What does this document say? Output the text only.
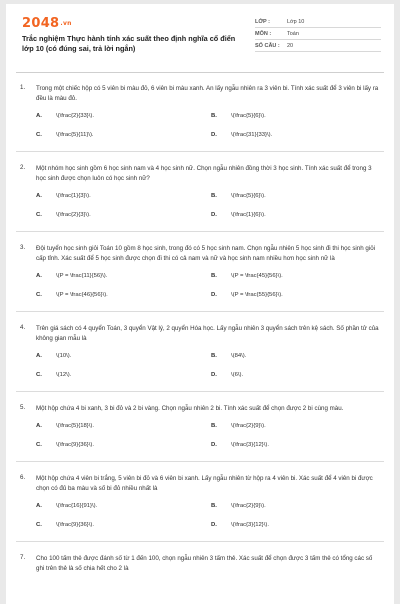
2048.vn
Trắc nghiệm Thực hành tính xác suất theo định nghĩa cổ điển lớp 10 (có đúng sai, trả lời ngắn)
LỚP :	Lớp 10
MÔN :	Toán
SỐ CÂU :	20
1. Trong một chiếc hộp có 5 viên bi màu đỏ, 6 viên bi màu xanh. An lấy ngẫu nhiên ra 3 viên bi. Tính xác suất để 3 viên bi lấy ra đều là màu đỏ.
A.	\(\frac{2}{33}\).	B.	\(\frac{5}{6}\).
C.	\(\frac{5}{11}\).	D.	\(\frac{31}{33}\).
2. Một nhóm học sinh gồm 6 học sinh nam và 4 học sinh nữ. Chọn ngẫu nhiên đồng thời 3 học sinh. Tính xác suất để trong 3 học sinh được chọn luôn có học sinh nữ?
A.	\(\frac{1}{3}\).	B.	\(\frac{5}{6}\).
C.	\(\frac{2}{3}\).	D.	\(\frac{1}{6}\).
3. Đội tuyển học sinh giỏi Toán 10 gồm 8 học sinh, trong đó có 5 học sinh nam. Chọn ngẫu nhiên 5 học sinh đi thi học sinh giỏi cấp tỉnh. Xác suất để 5 học sinh được chọn đi thi có cả nam và nữ và học sinh nam nhiều hơn học sinh nữ là
A.	\(P = \frac{11}{56}\).	B.	\(P = \frac{45}{56}\).
C.	\(P = \frac{46}{56}\).	D.	\(P = \frac{55}{56}\).
4. Trên giá sách có 4 quyển Toán, 3 quyển Vật lý, 2 quyển Hóa học. Lấy ngẫu nhiên 3 quyển sách trên kệ sách. Số phần tử của không gian mẫu là
A.	\(10\).	B.	\(84\).
C.	\(12\).	D.	\(6\).
5. Một hộp chứa 4 bi xanh, 3 bi đỏ và 2 bi vàng. Chọn ngẫu nhiên 2 bi. Tính xác suất để chọn được 2 bi cùng màu.
A.	\(\frac{5}{18}\).	B.	\(\frac{2}{9}\).
C.	\(\frac{9}{36}\).	D.	\(\frac{3}{12}\).
6. Một hộp chứa 4 viên bi trắng, 5 viên bi đỏ và 6 viên bi xanh. Lấy ngẫu nhiên từ hộp ra 4 viên bi. Xác suất để 4 viên bi được chọn có đủ ba màu và số bi đỏ nhiều nhất là
A.	\(\frac{16}{91}\).	B.	\(\frac{2}{9}\).
C.	\(\frac{9}{36}\).	D.	\(\frac{3}{12}\).
7. Cho 100 tấm thẻ được đánh số từ 1 đến 100, chọn ngẫu nhiên 3 tấm thẻ. Xác suất để chọn được 3 tấm thẻ có tổng các số ghi trên thẻ là số chia hết cho 2 là
